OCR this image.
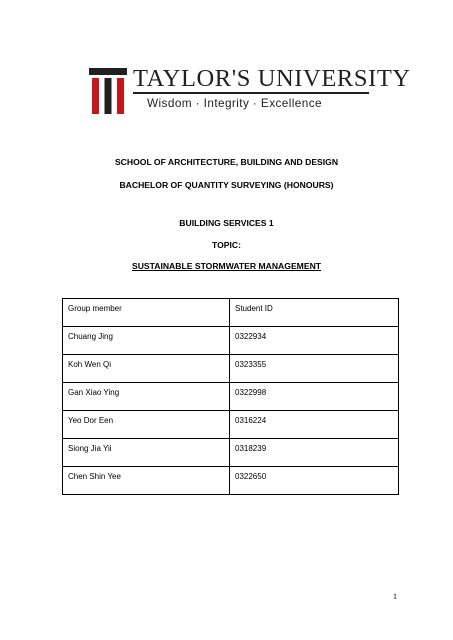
TAYLOR'S UNIVERSITY
Wisdom · Integrity · Excellence
SCHOOL OF ARCHITECTURE, BUILDING AND DESIGN
BACHELOR OF QUANTITY SURVEYING (HONOURS)
BUILDING SERVICES 1
TOPIC:
SUSTAINABLE STORMWATER MANAGEMENT
Group member	Student ID
Chuang Jing	0322934
Koh Wen Qi	0323355
Gan Xiao Ying	0322998
Yeo Dor Een	0316224
Siong Jia Yii	0318239
Chen Shin Yee	0322650
1
